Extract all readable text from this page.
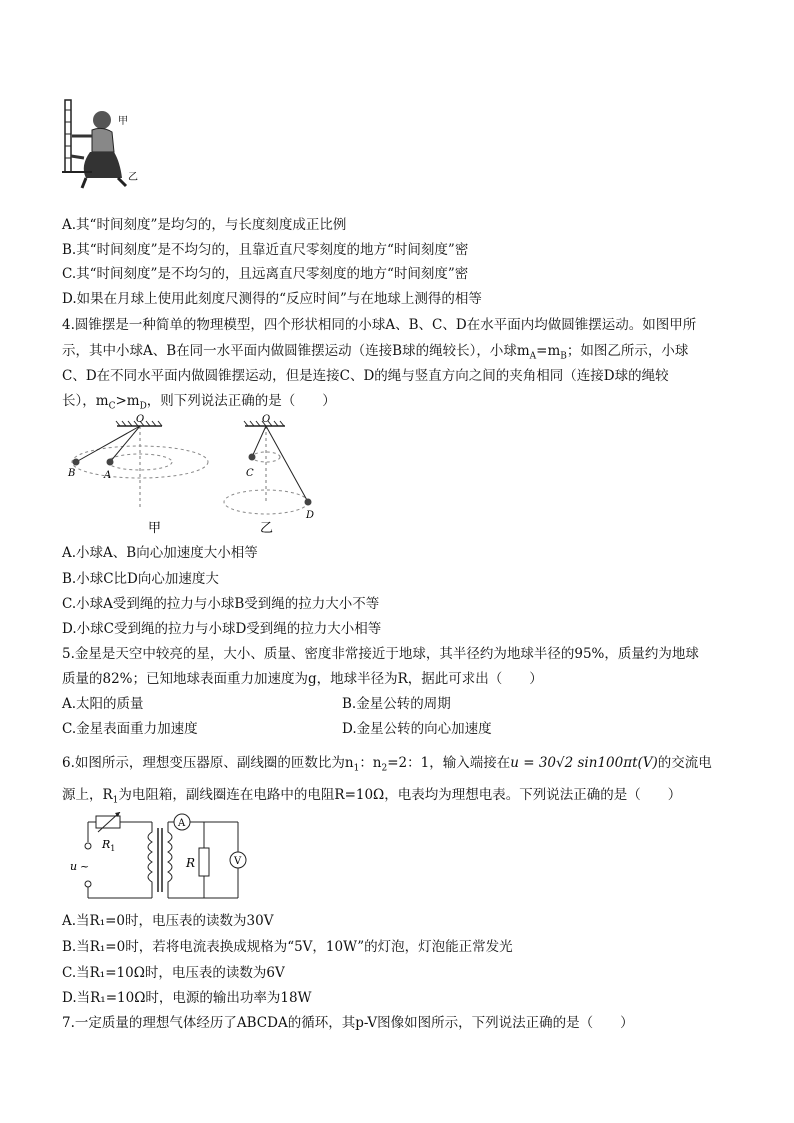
甲
乙
A.其“时间刻度”是均匀的，与长度刻度成正比例
B.其“时间刻度”是不均匀的，且靠近直尺零刻度的地方“时间刻度”密
C.其“时间刻度”是不均匀的，且远离直尺零刻度的地方“时间刻度”密
D.如果在月球上使用此刻度尺测得的“反应时间”与在地球上测得的相等
4.圆锥摆是一种简单的物理模型，四个形状相同的小球A、B、C、D在水平面内均做圆锥摆运动。如图甲所
示，其中小球A、B在同一水平面内做圆锥摆运动（连接B球的绳较长），小球$m_A=m_B$；如图乙所示，小球
C、D在不同水平面内做圆锥摆运动，但是连接C、D的绳与竖直方向之间的夹角相同（连接D球的绳较
长），$m_C>m_D$，则下列说法正确的是（　　）
O
B	A
甲
O
C
D
乙
A.小球A、B向心加速度大小相等
B.小球C比D向心加速度大
C.小球A受到绳的拉力与小球B受到绳的拉力大小不等
D.小球C受到绳的拉力与小球D受到绳的拉力大小相等
5.金星是天空中较亮的星，大小、质量、密度非常接近于地球，其半径约为地球半径的95%，质量约为地球
质量的82%；已知地球表面重力加速度为g，地球半径为R，据此可求出（　　）
A.太阳的质量	B.金星公转的周期
C.金星表面重力加速度	D.金星公转的向心加速度
6.如图所示，理想变压器原、副线圈的匝数比为$n_1$：$n_2=2$：1，输入端接在u = 30√2 sin100πt(V)的交流电
源上，$R_1$为电阻箱，副线圈连在电路中的电阻R=10Ω，电表均为理想电表。下列说法正确的是（　　）
$R_1$
u ~
A
R	V
A.当R₁=0时，电压表的读数为30V
B.当R₁=0时，若将电流表换成规格为“5V，10W”的灯泡，灯泡能正常发光
C.当R₁=10Ω时，电压表的读数为6V
D.当R₁=10Ω时，电源的输出功率为18W
7.一定质量的理想气体经历了ABCDA的循环，其p-V图像如图所示，下列说法正确的是（　　）
